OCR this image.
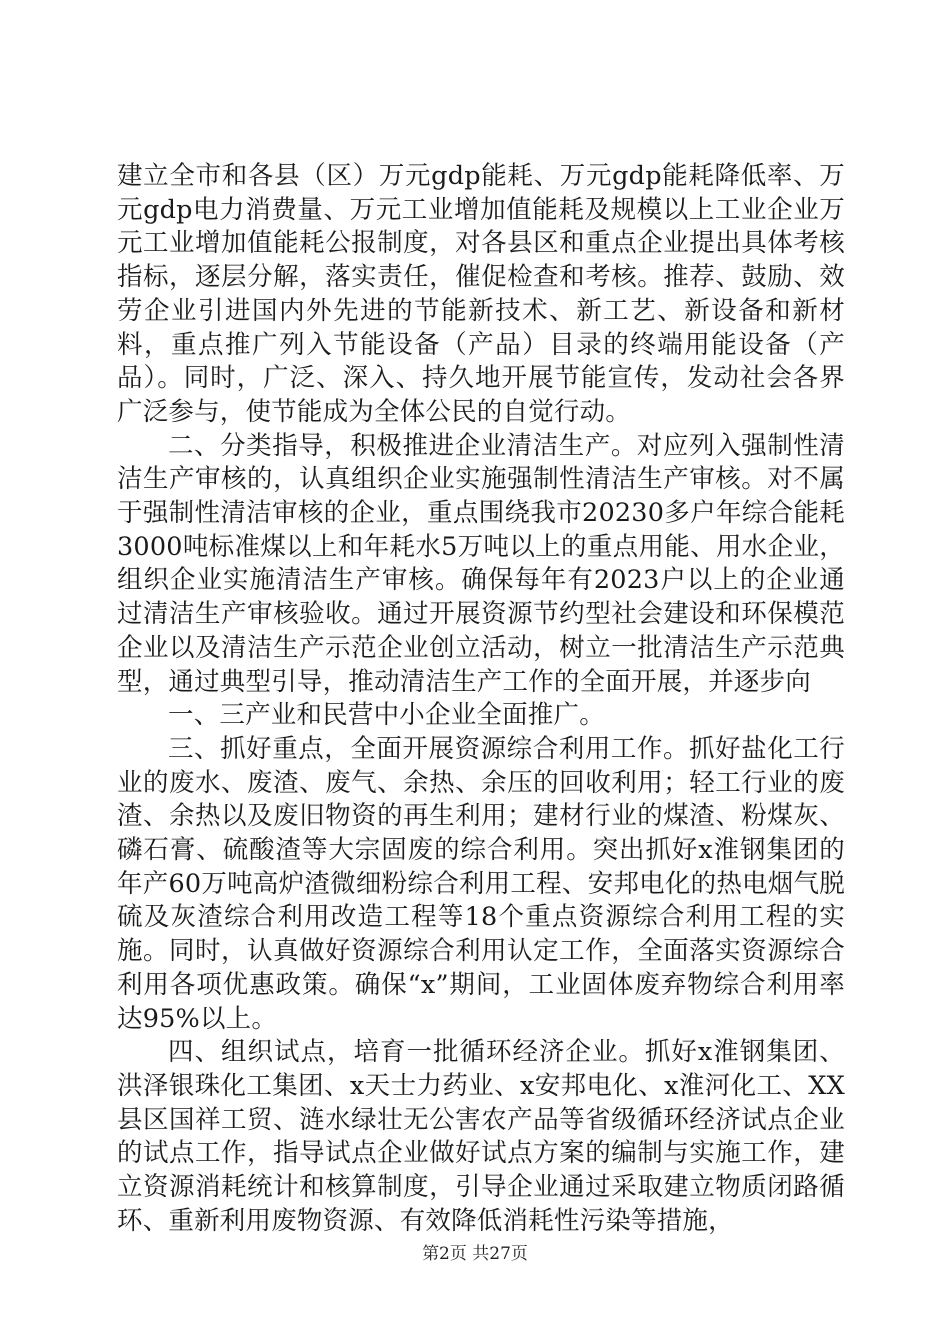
建立全市和各县（区）万元gdp能耗、万元gdp能耗降低率、万元gdp电力消费量、万元工业增加值能耗及规模以上工业企业万元工业增加值能耗公报制度，对各县区和重点企业提出具体考核指标，逐层分解，落实责任，催促检查和考核。推荐、鼓励、效劳企业引进国内外先进的节能新技术、新工艺、新设备和新材料，重点推广列入节能设备（产品）目录的终端用能设备（产品）。同时，广泛、深入、持久地开展节能宣传，发动社会各界广泛参与，使节能成为全体公民的自觉行动。

二、分类指导，积极推进企业清洁生产。对应列入强制性清洁生产审核的，认真组织企业实施强制性清洁生产审核。对不属于强制性清洁审核的企业，重点围绕我市20230多户年综合能耗3000吨标准煤以上和年耗水5万吨以上的重点用能、用水企业，组织企业实施清洁生产审核。确保每年有2023户以上的企业通过清洁生产审核验收。通过开展资源节约型社会建设和环保模范企业以及清洁生产示范企业创立活动，树立一批清洁生产示范典型，通过典型引导，推动清洁生产工作的全面开展，并逐步向

一、三产业和民营中小企业全面推广。

三、抓好重点，全面开展资源综合利用工作。抓好盐化工行业的废水、废渣、废气、余热、余压的回收利用；轻工行业的废渣、余热以及废旧物资的再生利用；建材行业的煤渣、粉煤灰、磷石膏、硫酸渣等大宗固废的综合利用。突出抓好x淮钢集团的年产60万吨高炉渣微细粉综合利用工程、安邦电化的热电烟气脱硫及灰渣综合利用改造工程等18个重点资源综合利用工程的实施。同时，认真做好资源综合利用认定工作，全面落实资源综合利用各项优惠政策。确保“x”期间，工业固体废弃物综合利用率达95%以上。

四、组织试点，培育一批循环经济企业。抓好x淮钢集团、洪泽银珠化工集团、x天士力药业、x安邦电化、x淮河化工、XX县区国祥工贸、涟水绿壮无公害农产品等省级循环经济试点企业的试点工作，指导试点企业做好试点方案的编制与实施工作，建立资源消耗统计和核算制度，引导企业通过采取建立物质闭路循环、重新利用废物资源、有效降低消耗性污染等措施，

第2页 共27页
